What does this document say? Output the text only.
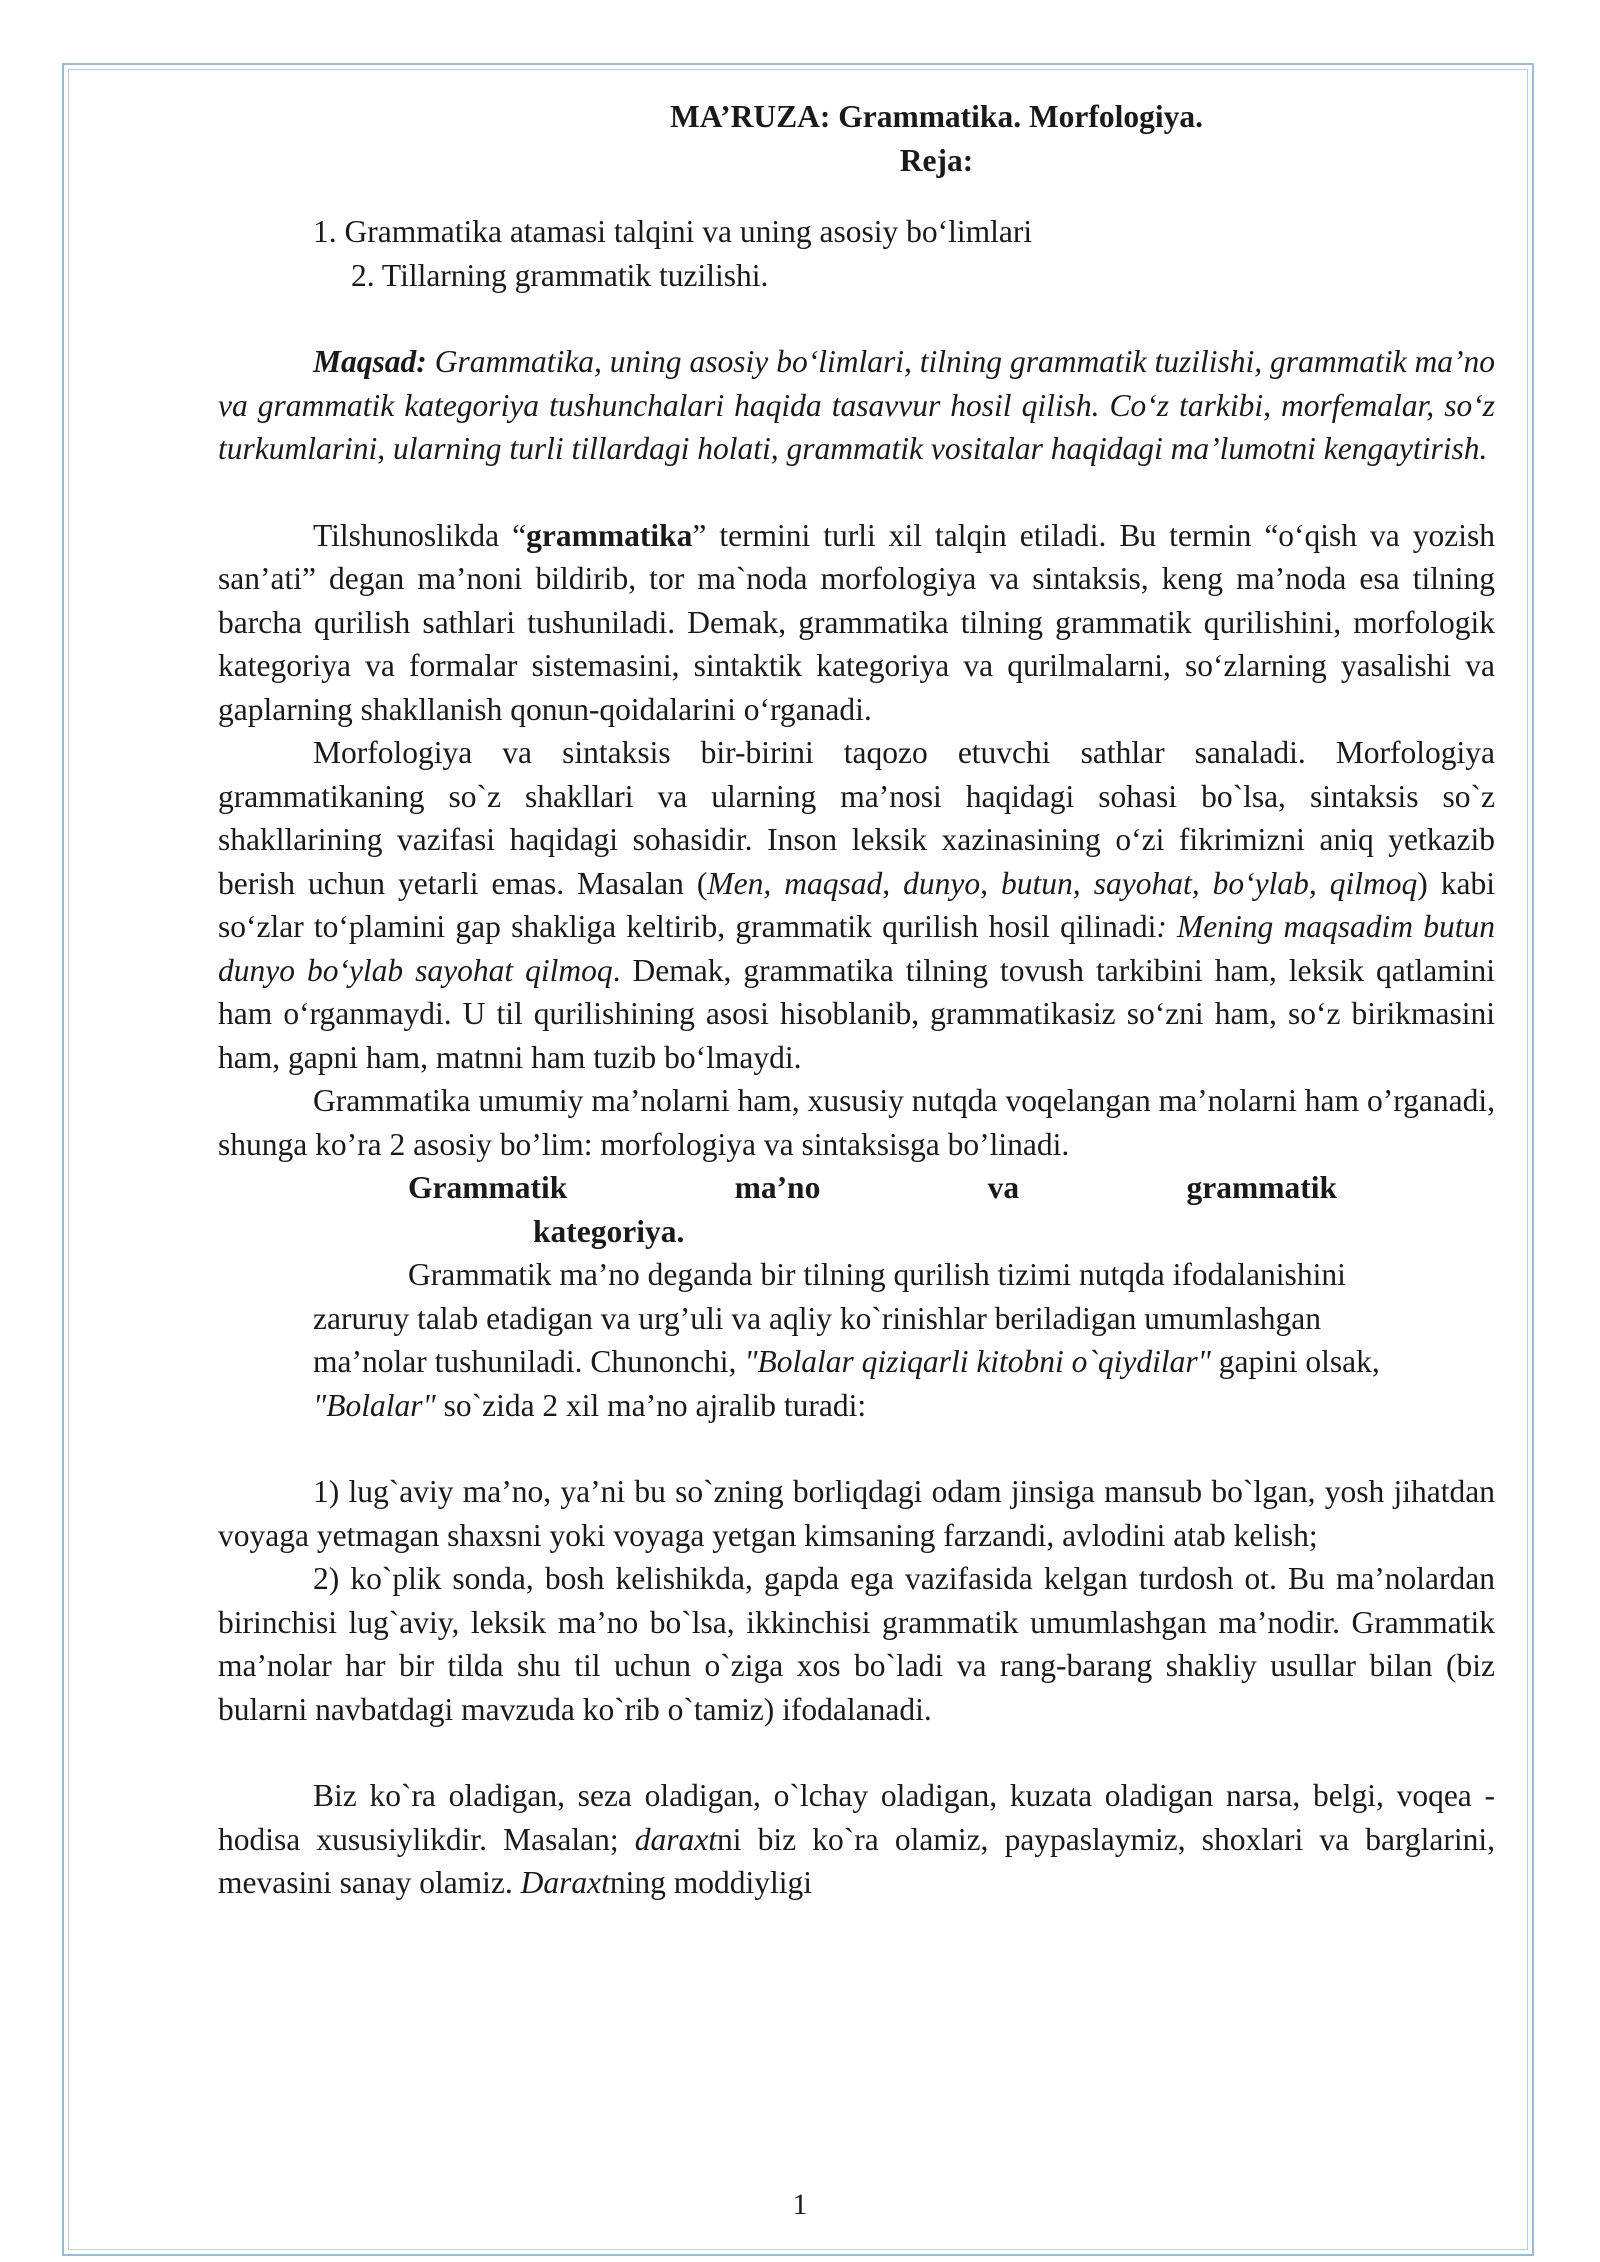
MA’RUZA: Grammatika. Morfologiya.

Reja:

1. Grammatika atamasi talqini va uning asosiy bo‘limlari
2. Tillarning grammatik tuzilishi.

Maqsad: Grammatika, uning asosiy bo‘limlari, tilning grammatik tuzilishi, grammatik ma’no va grammatik kategoriya tushunchalari haqida tasavvur hosil qilish. Co‘z tarkibi, morfemalar, so‘z turkumlarini, ularning turli tillardagi holati, grammatik vositalar haqidagi ma’lumotni kengaytirish.

Tilshunoslikda “grammatika” termini turli xil talqin etiladi. Bu termin “o‘qish va yozish san’ati” degan ma’noni bildirib, tor ma`noda morfologiya va sintaksis, keng ma’noda esa tilning barcha qurilish sathlari tushuniladi. Demak, grammatika tilning grammatik qurilishini, morfologik kategoriya va formalar sistemasini, sintaktik kategoriya va qurilmalarni, so‘zlarning yasalishi va gaplarning shakllanish qonun-qoidalarini o‘rganadi.

Morfologiya va sintaksis bir-birini taqozo etuvchi sathlar sanaladi. Morfologiya grammatikaning so`z shakllari va ularning ma’nosi haqidagi sohasi bo`lsa, sintaksis so`z shakllarining vazifasi haqidagi sohasidir. Inson leksik xazinasining o‘zi fikrimizni aniq yetkazib berish uchun yetarli emas. Masalan (Men, maqsad, dunyo, butun, sayohat, bo‘ylab, qilmoq) kabi so‘zlar to‘plamini gap shakliga keltirib, grammatik qurilish hosil qilinadi: Mening maqsadim butun dunyo bo‘ylab sayohat qilmoq. Demak, grammatika tilning tovush tarkibini ham, leksik qatlamini ham o‘rganmaydi. U til qurilishining asosi hisoblanib, grammatikasiz so‘zni ham, so‘z birikmasini ham, gapni ham, matnni ham tuzib bo‘lmaydi.

Grammatika umumiy ma’nolarni ham, xususiy nutqda voqelangan ma’nolarni ham o’rganadi, shunga ko’ra 2 asosiy bo’lim: morfologiya va sintaksisga bo’linadi.

Grammatik	ma’no	va	grammatik
kategoriya.

Grammatik ma’no deganda bir tilning qurilish tizimi nutqda ifodalanishini zaruruy talab etadigan va urg’uli va aqliy ko`rinishlar beriladigan umumlashgan ma’nolar tushuniladi. Chunonchi, "Bolalar qiziqarli kitobni o`qiydilar" gapini olsak, "Bolalar" so`zida 2 xil ma’no ajralib turadi:

1) lug`aviy ma’no, ya’ni bu so`zning borliqdagi odam jinsiga mansub bo`lgan, yosh jihatdan voyaga yetmagan shaxsni yoki voyaga yetgan kimsaning farzandi, avlodini atab kelish;

2) ko`plik sonda, bosh kelishikda, gapda ega vazifasida kelgan turdosh ot. Bu ma’nolardan birinchisi lug`aviy, leksik ma’no bo`lsa, ikkinchisi grammatik umumlashgan ma’nodir. Grammatik ma’nolar har bir tilda shu til uchun o`ziga xos bo`ladi va rang-barang shakliy usullar bilan (biz bularni navbatdagi mavzuda ko`rib o`tamiz) ifodalanadi.

Biz ko`ra oladigan, seza oladigan, o`lchay oladigan, kuzata oladigan narsa, belgi, voqea - hodisa xususiylikdir. Masalan; daraxtni biz ko`ra olamiz, paypaslaymiz, shoxlari va barglarini, mevasini sanay olamiz. Daraxtning moddiyligi

1
